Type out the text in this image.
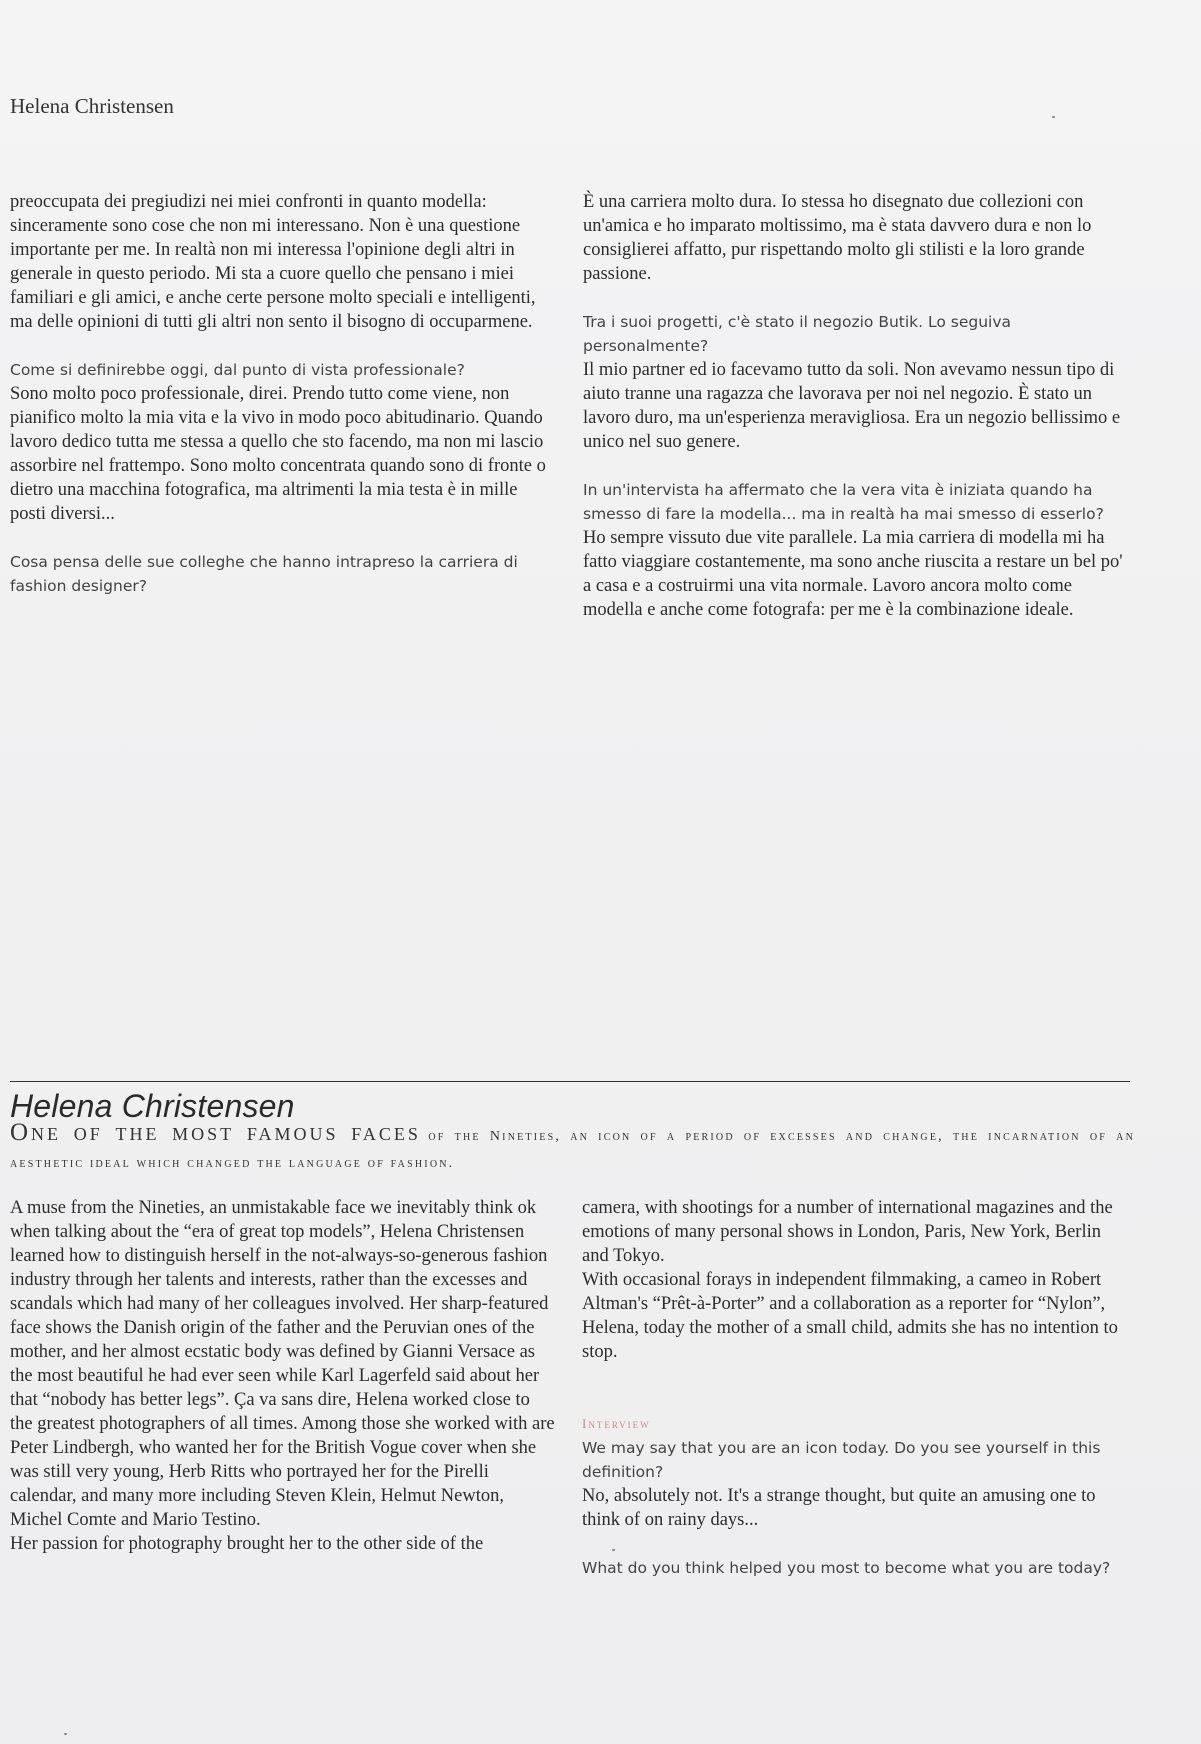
Helena Christensen

preoccupata dei pregiudizi nei miei confronti in quanto modella: sinceramente sono cose che non mi interessano. Non è una questione importante per me. In realtà non mi interessa l'opinione degli altri in generale in questo periodo. Mi sta a cuore quello che pensano i miei familiari e gli amici, e anche certe persone molto speciali e intelligenti, ma delle opinioni di tutti gli altri non sento il bisogno di occuparmene.

Come si definirebbe oggi, dal punto di vista professionale?

Sono molto poco professionale, direi. Prendo tutto come viene, non pianifico molto la mia vita e la vivo in modo poco abitudinario. Quando lavoro dedico tutta me stessa a quello che sto facendo, ma non mi lascio assorbire nel frattempo. Sono molto concentrata quando sono di fronte o dietro una macchina fotografica, ma altrimenti la mia testa è in mille posti diversi...

Cosa pensa delle sue colleghe che hanno intrapreso la carriera di fashion designer?

È una carriera molto dura. Io stessa ho disegnato due collezioni con un'amica e ho imparato moltissimo, ma è stata davvero dura e non lo consiglierei affatto, pur rispettando molto gli stilisti e la loro grande passione.

Tra i suoi progetti, c'è stato il negozio Butik. Lo seguiva personalmente?

Il mio partner ed io facevamo tutto da soli. Non avevamo nessun tipo di aiuto tranne una ragazza che lavorava per noi nel negozio. È stato un lavoro duro, ma un'esperienza meravigliosa. Era un negozio bellissimo e unico nel suo genere.

In un'intervista ha affermato che la vera vita è iniziata quando ha smesso di fare la modella... ma in realtà ha mai smesso di esserlo?

Ho sempre vissuto due vite parallele. La mia carriera di modella mi ha fatto viaggiare costantemente, ma sono anche riuscita a restare un bel po' a casa e a costruirmi una vita normale. Lavoro ancora molto come modella e anche come fotografa: per me è la combinazione ideale.

Helena Christensen
One of the most famous faces of the Nineties, an icon of a period of excesses and change, the incarnation of an aesthetic ideal which changed the language of fashion.

A muse from the Nineties, an unmistakable face we inevitably think ok when talking about the “era of great top models”, Helena Christensen learned how to distinguish herself in the not-always-so-generous fashion industry through her talents and interests, rather than the excesses and scandals which had many of her colleagues involved. Her sharp-featured face shows the Danish origin of the father and the Peruvian ones of the mother, and her almost ecstatic body was defined by Gianni Versace as the most beautiful he had ever seen while Karl Lagerfeld said about her that “nobody has better legs”. Ça va sans dire, Helena worked close to the greatest photographers of all times. Among those she worked with are Peter Lindbergh, who wanted her for the British Vogue cover when she was still very young, Herb Ritts who portrayed her for the Pirelli calendar, and many more including Steven Klein, Helmut Newton, Michel Comte and Mario Testino.

Her passion for photography brought her to the other side of the

camera, with shootings for a number of international magazines and the emotions of many personal shows in London, Paris, New York, Berlin and Tokyo.

With occasional forays in independent filmmaking, a cameo in Robert Altman's “Prêt-à-Porter” and a collaboration as a reporter for “Nylon”, Helena, today the mother of a small child, admits she has no intention to stop.

Interview

We may say that you are an icon today. Do you see yourself in this definition?

No, absolutely not. It's a strange thought, but quite an amusing one to think of on rainy days...

What do you think helped you most to become what you are today?
